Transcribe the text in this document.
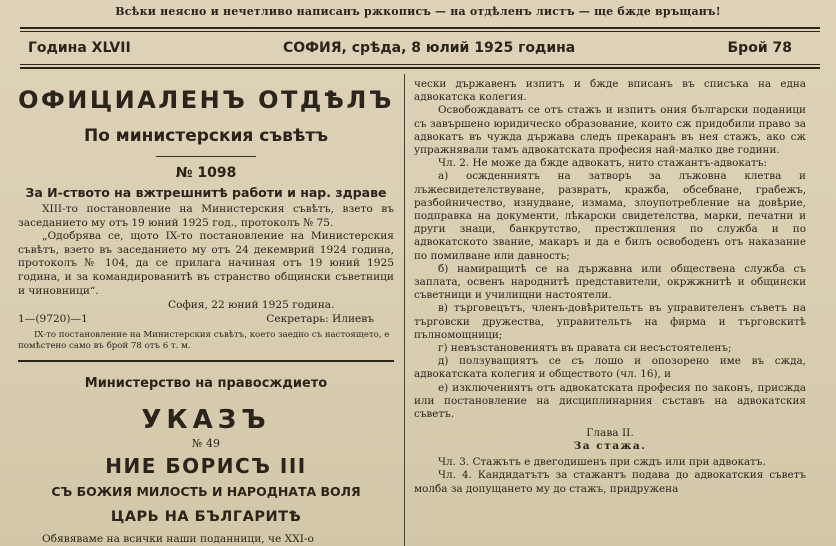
Всѣки неясно и нечетливо написанъ ржкописъ — на отдѣленъ листъ — ще бжде връщанъ!
Година XLVII	СОФИЯ, срѣда, 8 юлий 1925 година	Брой 78
ОФИЦИАЛЕНЪ ОТДѢЛЪ
По министерския съвѣтъ
№ 1098
За И-ството на вжтрешнитѣ работи и нар. здраве

XIII-то постановление на Министерския съвѣтъ, взето въ заседанието му отъ 19 юний 1925 год., протоколъ № 75.

„Одобрява се, щото IX-то постановление на Министерския съвѣтъ, взето въ заседанието му отъ 24 декемврий 1924 година, протоколъ № 104, да се прилага начиная отъ 19 юний 1925 година, и за командированитѣ въ странство общински съветници и чиновници“.

София, 22 юний 1925 година.
1—(9720)—1	Секретарь: Илиевъ

IX-то постановление на Министерския съвѣтъ, което заедно съ настоящето, е помѣстено само въ брой 78 отъ 6 т. м.

Министерство на правосждието
УКАЗЪ
№ 49
НИЕ БОРИСЪ III
СЪ БОЖИЯ МИЛОСТЬ И НАРОДНАТА ВОЛЯ
ЦАРЬ НА БЪЛГАРИТѢ
Обявяваме на всички наши поданници, че XXI-о

чески държавенъ изпитъ и бжде вписанъ въ списъка на една адвокатска колегия.

Освобождаватъ се отъ стажъ и изпитъ ония български поданици съ завършено юридическо образование, които сж придобили право за адвокатъ въ чужда държава следъ прекаранъ въ нея стажъ, ако сж упражнявали тамъ адвокатската професия най-малко две години.

Чл. 2. Не може да бжде адвокатъ, нито стажантъ-адвокатъ:

а) осжденниятъ на затворъ за лъжовна клетва и лъжесвидетелствуване, развратъ, кражба, обсебване, грабежъ, разбойничество, изнудване, измама, злоупотребление на довѣрие, подправка на документи, лѣкарски свидетелства, марки, печатни и други знаци, банкрутство, престжпления по служба и по адвокатското звание, макаръ и да е билъ освободенъ отъ наказание по помилване или давность;

б) намиращитѣ се на държавна или обществена служба съ заплата, освенъ народнитѣ представители, окржжнитѣ и общински съветници и училищни настоятели.

в) търговецътъ, членъ-довѣрительтъ въ управителенъ съветъ на търговски дружества, управительтъ на фирма и търговскитѣ пълномощници;

г) невъзстановениятъ въ правата си несъстоятеленъ;

д) ползуващиятъ се съ лошо и опозорено име въ сжда, адвокатската колегия и обществото (чл. 16), и

е) изключениятъ отъ адвокатската професия по законъ, присжда или постановление на дисциплинарния съставъ на адвокатския съветъ.

Глава II.
За стажа.

Чл. 3. Стажътъ е двегодишенъ при сждъ или при адвокатъ.

Чл. 4. Кандидатътъ за стажантъ подава до адвокатския съветъ молба за допущането му до стажъ, придружена
